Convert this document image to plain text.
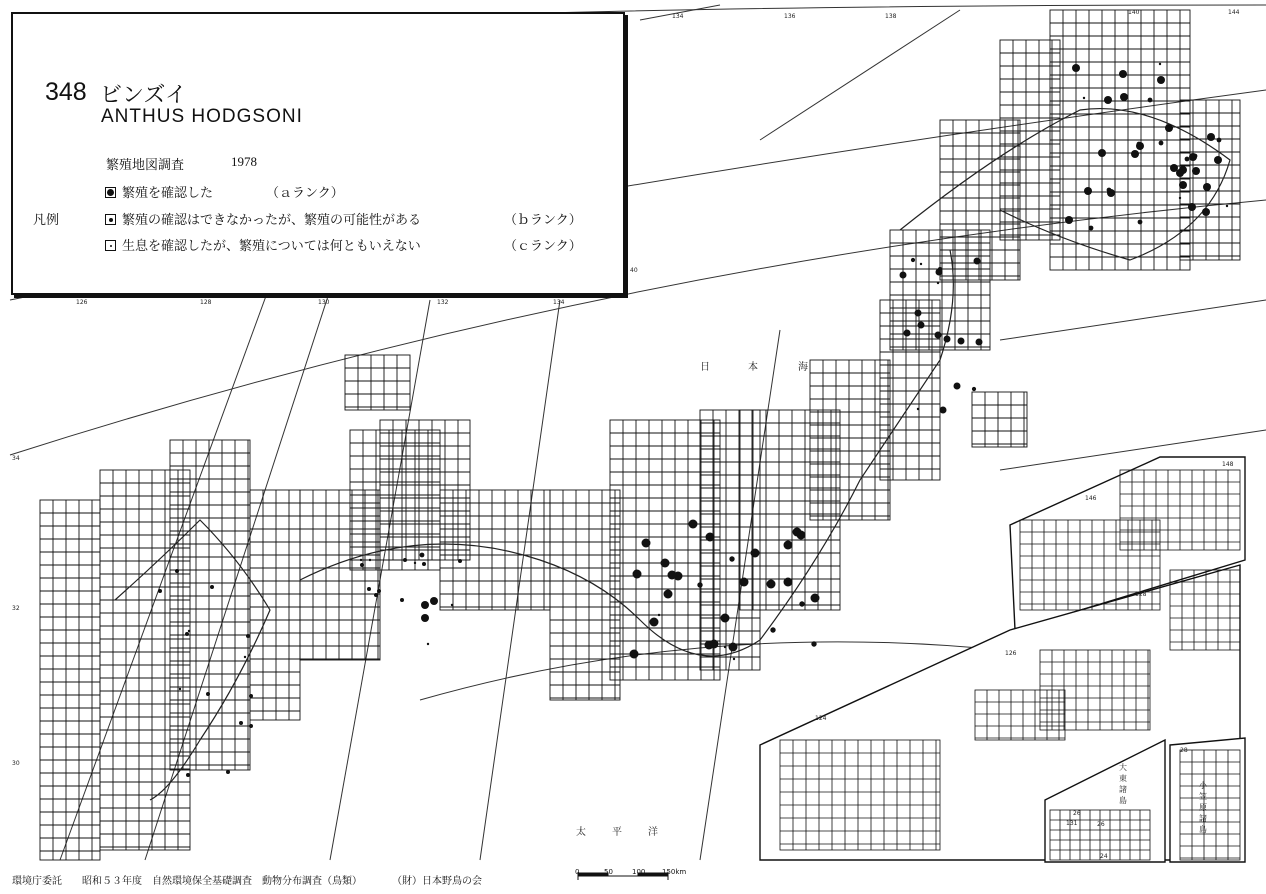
日	本	海
太	平	洋
126	128	130	132	134
134	136	138
140	144
40
34
32
30
146
148
126
128
124
28
26
24
26
131
大東諸島
小笠原諸島
348 ビンズイ
ANTHUS HODGSONI
繁殖地図調査	1978
凡例
繁殖を確認した	（ａランク）
繁殖の確認はできなかったが、繁殖の可能性がある	（ｂランク）
生息を確認したが、繁殖については何ともいえない	（ｃランク）
環境庁委託 昭和５３年度　自然環境保全基礎調査　動物分布調査（鳥類）	（財）日本野鳥の会
0	50	100 150km
